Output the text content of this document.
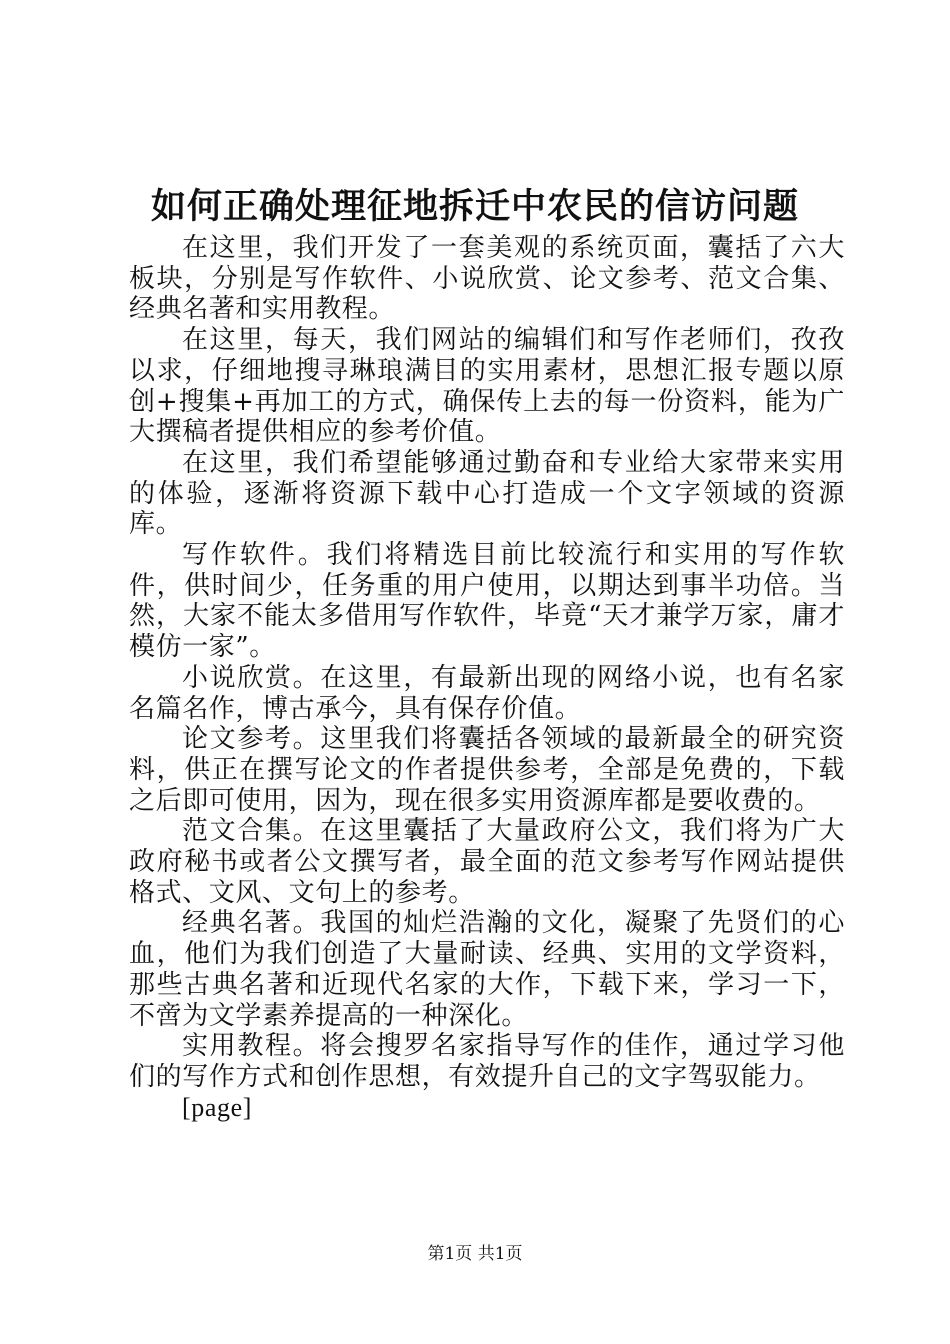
如何正确处理征地拆迁中农民的信访问题

在这里，我们开发了一套美观的系统页面，囊括了六大板块，分别是写作软件、小说欣赏、论文参考、范文合集、经典名著和实用教程。

在这里，每天，我们网站的编辑们和写作老师们，孜孜以求，仔细地搜寻琳琅满目的实用素材，思想汇报专题以原创+搜集+再加工的方式，确保传上去的每一份资料，能为广大撰稿者提供相应的参考价值。

在这里，我们希望能够通过勤奋和专业给大家带来实用的体验，逐渐将资源下载中心打造成一个文字领域的资源库。

写作软件。我们将精选目前比较流行和实用的写作软件，供时间少，任务重的用户使用，以期达到事半功倍。当然，大家不能太多借用写作软件，毕竟“天才兼学万家，庸才模仿一家”。

小说欣赏。在这里，有最新出现的网络小说，也有名家名篇名作，博古承今，具有保存价值。

论文参考。这里我们将囊括各领域的最新最全的研究资料，供正在撰写论文的作者提供参考，全部是免费的，下载之后即可使用，因为，现在很多实用资源库都是要收费的。

范文合集。在这里囊括了大量政府公文，我们将为广大政府秘书或者公文撰写者，最全面的范文参考写作网站提供格式、文风、文句上的参考。

经典名著。我国的灿烂浩瀚的文化，凝聚了先贤们的心血，他们为我们创造了大量耐读、经典、实用的文学资料，那些古典名著和近现代名家的大作，下载下来，学习一下，不啻为文学素养提高的一种深化。

实用教程。将会搜罗名家指导写作的佳作，通过学习他们的写作方式和创作思想，有效提升自己的文字驾驭能力。

[page]

第1页 共1页
